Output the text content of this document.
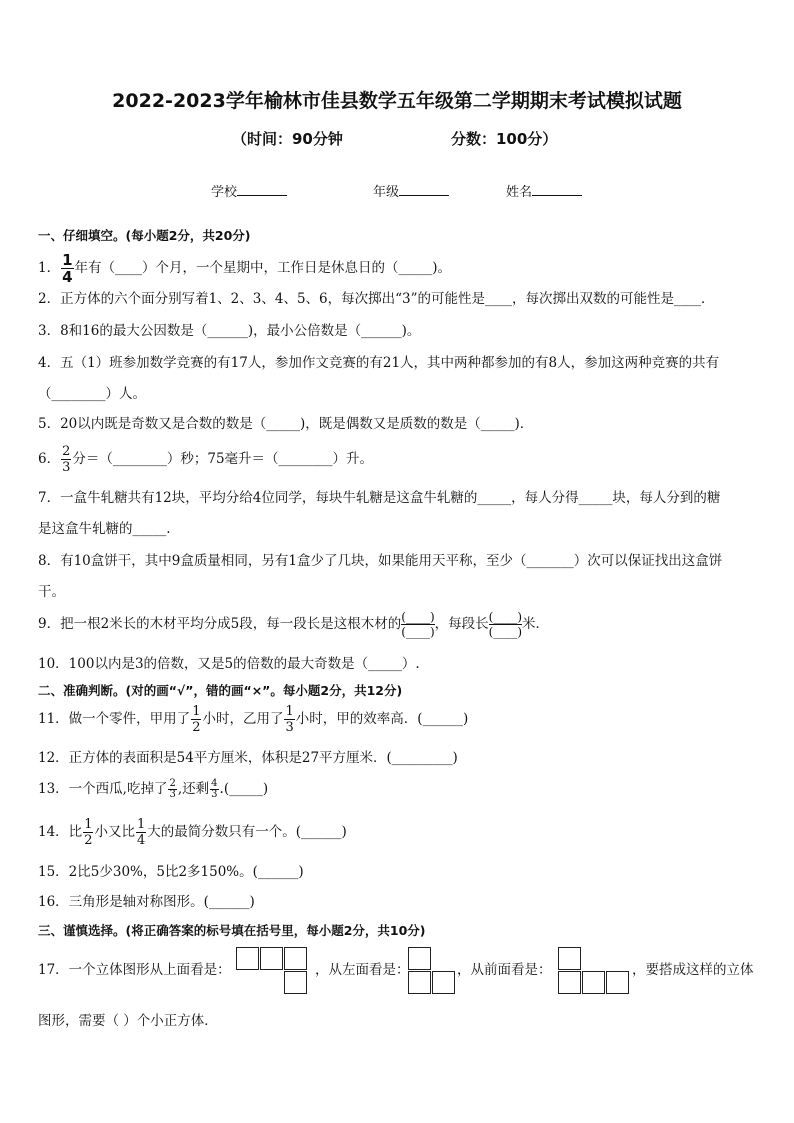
2022-2023学年榆林市佳县数学五年级第二学期期末考试模拟试题
（时间：90分钟	分数：100分）
学校	年级	姓名
一、仔细填空。(每小题2分，共20分)
1． $\frac{1}{4}$ 年有（____）个月，一个星期中，工作日是休息日的（_____)。
2．正方体的六个面分别写着1、2、3、4、5、6，每次掷出“3”的可能性是____，每次掷出双数的可能性是____．
3．8和16的最大公因数是（______)，最小公倍数是（______)。
4．五（1）班参加数学竞赛的有17人，参加作文竞赛的有21人，其中两种都参加的有8人，参加这两种竞赛的共有
（________）人。
5．20以内既是奇数又是合数的数是（_____)，既是偶数又是质数的数是（_____)．
6． $\frac{2}{3}$ 分＝（________）秒；75毫升＝（________）升。
7．一盒牛轧糖共有12块，平均分给4位同学，每块牛轧糖是这盒牛轧糖的_____，每人分得_____块，每人分到的糖
是这盒牛轧糖的_____.
8．有10盒饼干，其中9盒质量相同，另有1盒少了几块，如果能用天平称，至少（_______）次可以保证找出这盒饼
干。
9．把一根2米长的木材平均分成5段，每一段长是这根木材的 $\frac{(\_\_\_\_)}{(\_\_\_\_)}$ ，每段长 $\frac{(\_\_\_\_)}{(\_\_\_\_)}$ 米．
10．100以内是3的倍数，又是5的倍数的最大奇数是（_____）.
二、准确判断。(对的画“√”，错的画“×”。每小题2分，共12分)
11．做一个零件，甲用了 $\frac{1}{2}$ 小时，乙用了 $\frac{1}{3}$ 小时，甲的效率高．(______)
12．正方体的表面积是54平方厘米，体积是27平方厘米．(_________)
13．一个西瓜,吃掉了 $\frac{2}{3}$ ,还剩 $\frac{4}{3}$ .(_____)
14．比 $\frac{1}{2}$ 小又比 $\frac{1}{4}$ 大的最简分数只有一个。(______)
15．2比5少30%，5比2多150%。(______)
16．三角形是轴对称图形。(______)
三、谨慎选择。(将正确答案的标号填在括号里，每小题2分，共10分)
17．一个立体图形从上面看是：	，从左面看是：	，从前面看是：	，要搭成这样的立体
图形，需要（ ）个小正方体．
